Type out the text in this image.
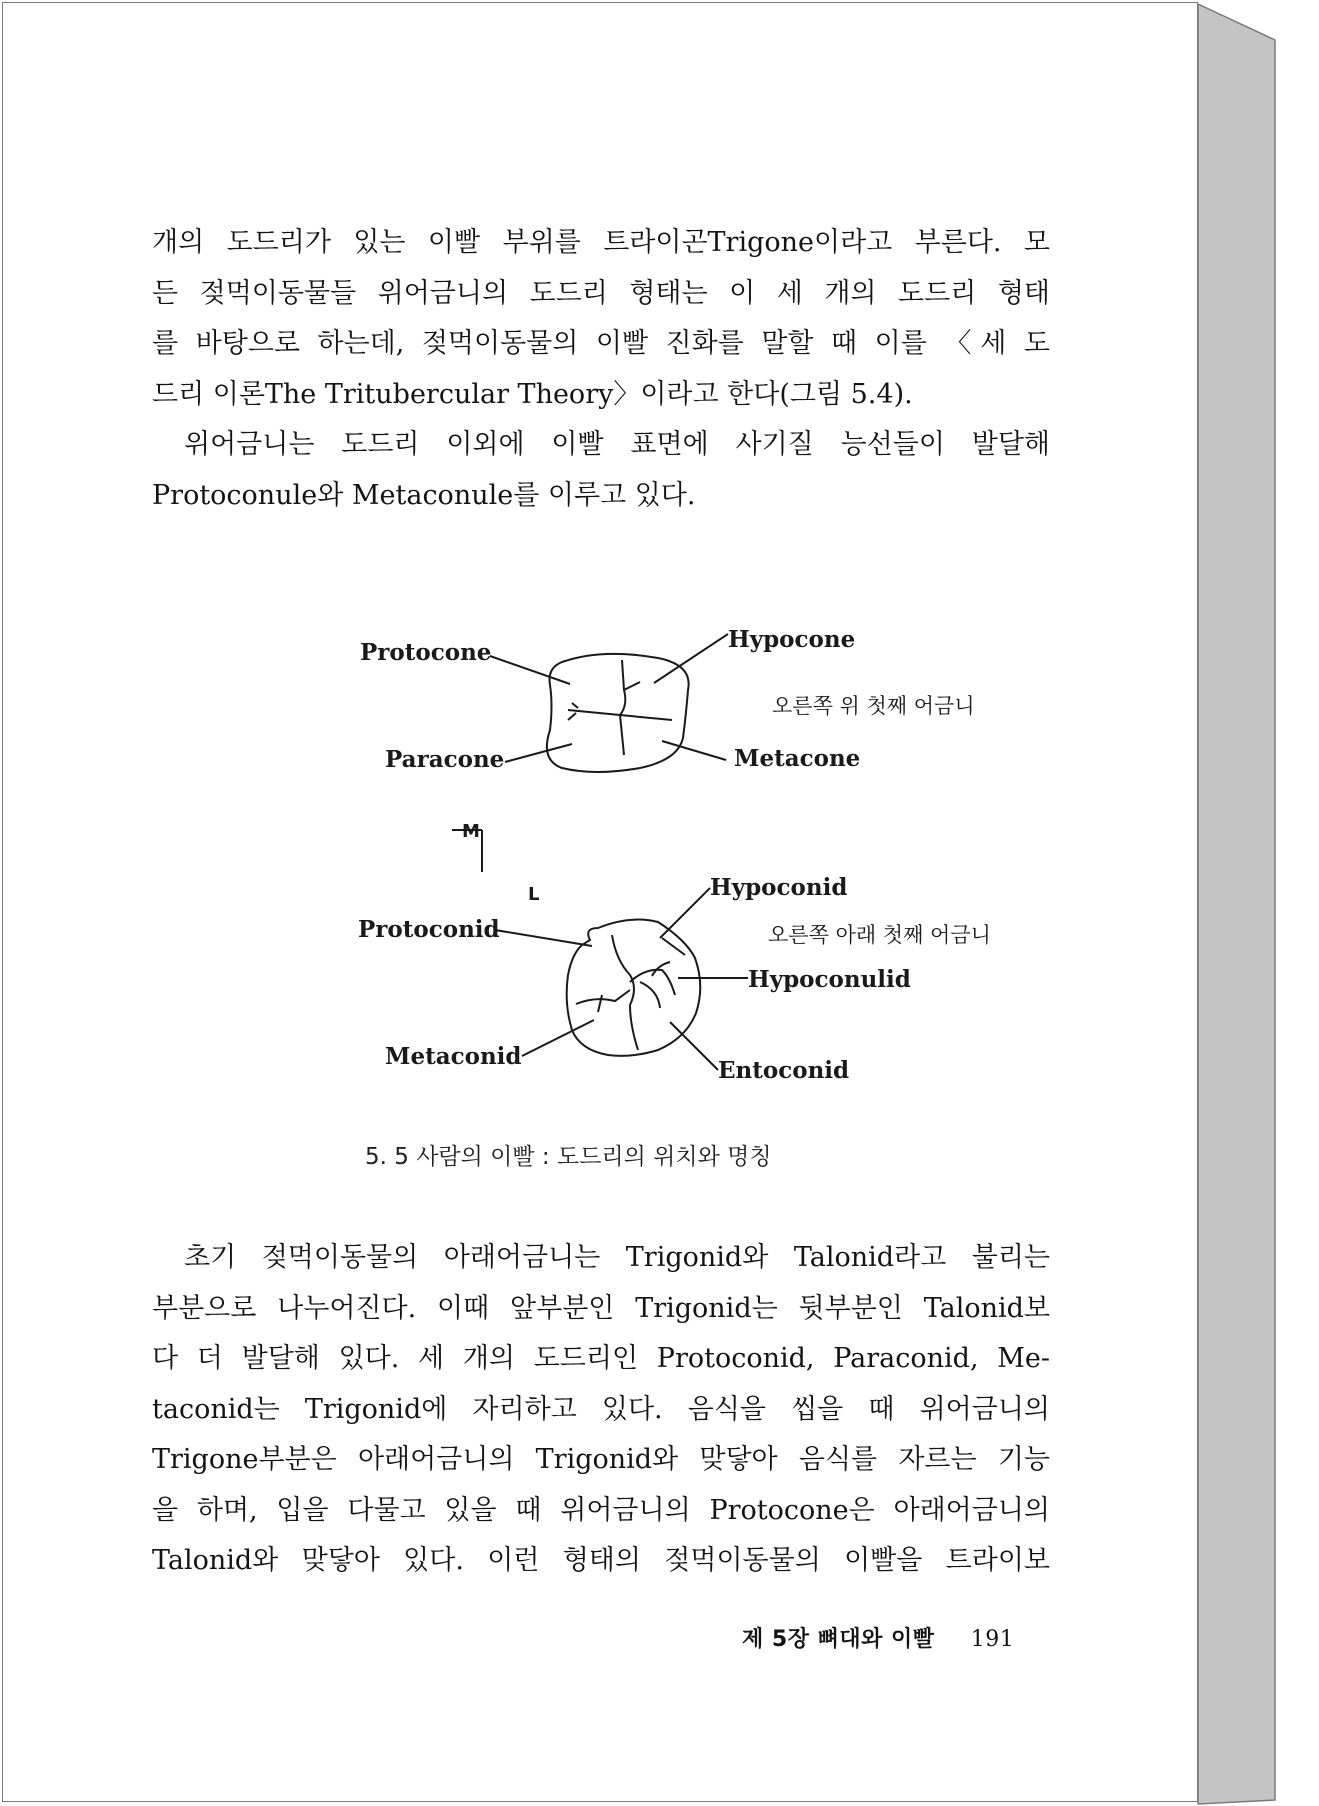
개의 도드리가 있는 이빨 부위를 트라이곤Trigone이라고 부른다. 모
든 젖먹이동물들 위어금니의 도드리 형태는 이 세 개의 도드리 형태
를 바탕으로 하는데, 젖먹이동물의 이빨 진화를 말할 때 이를 〈세 도
드리 이론The Tritubercular Theory〉이라고 한다(그림 5.4).
위어금니는 도드리 이외에 이빨 표면에 사기질 능선들이 발달해
Protoconule와 Metaconule를 이루고 있다.
Protocone
Paracone
Hypocone
Metacone
오른쪽 위 첫째 어금니
M
L	Hypoconid
Protoconid
Hypoconulid
Metaconid
Entoconid
오른쪽 아래 첫째 어금니
5. 5 사람의 이빨 : 도드리의 위치와 명칭
초기 젖먹이동물의 아래어금니는 Trigonid와 Talonid라고 불리는
부분으로 나누어진다. 이때 앞부분인 Trigonid는 뒷부분인 Talonid보
다 더 발달해 있다. 세 개의 도드리인 Protoconid, Paraconid, Me-
taconid는 Trigonid에 자리하고 있다. 음식을 씹을 때 위어금니의
Trigone부분은 아래어금니의 Trigonid와 맞닿아 음식를 자르는 기능
을 하며, 입을 다물고 있을 때 위어금니의 Protocone은 아래어금니의
Talonid와 맞닿아 있다. 이런 형태의 젖먹이동물의 이빨을 트라이보
제 5장 뼈대와 이빨 191
